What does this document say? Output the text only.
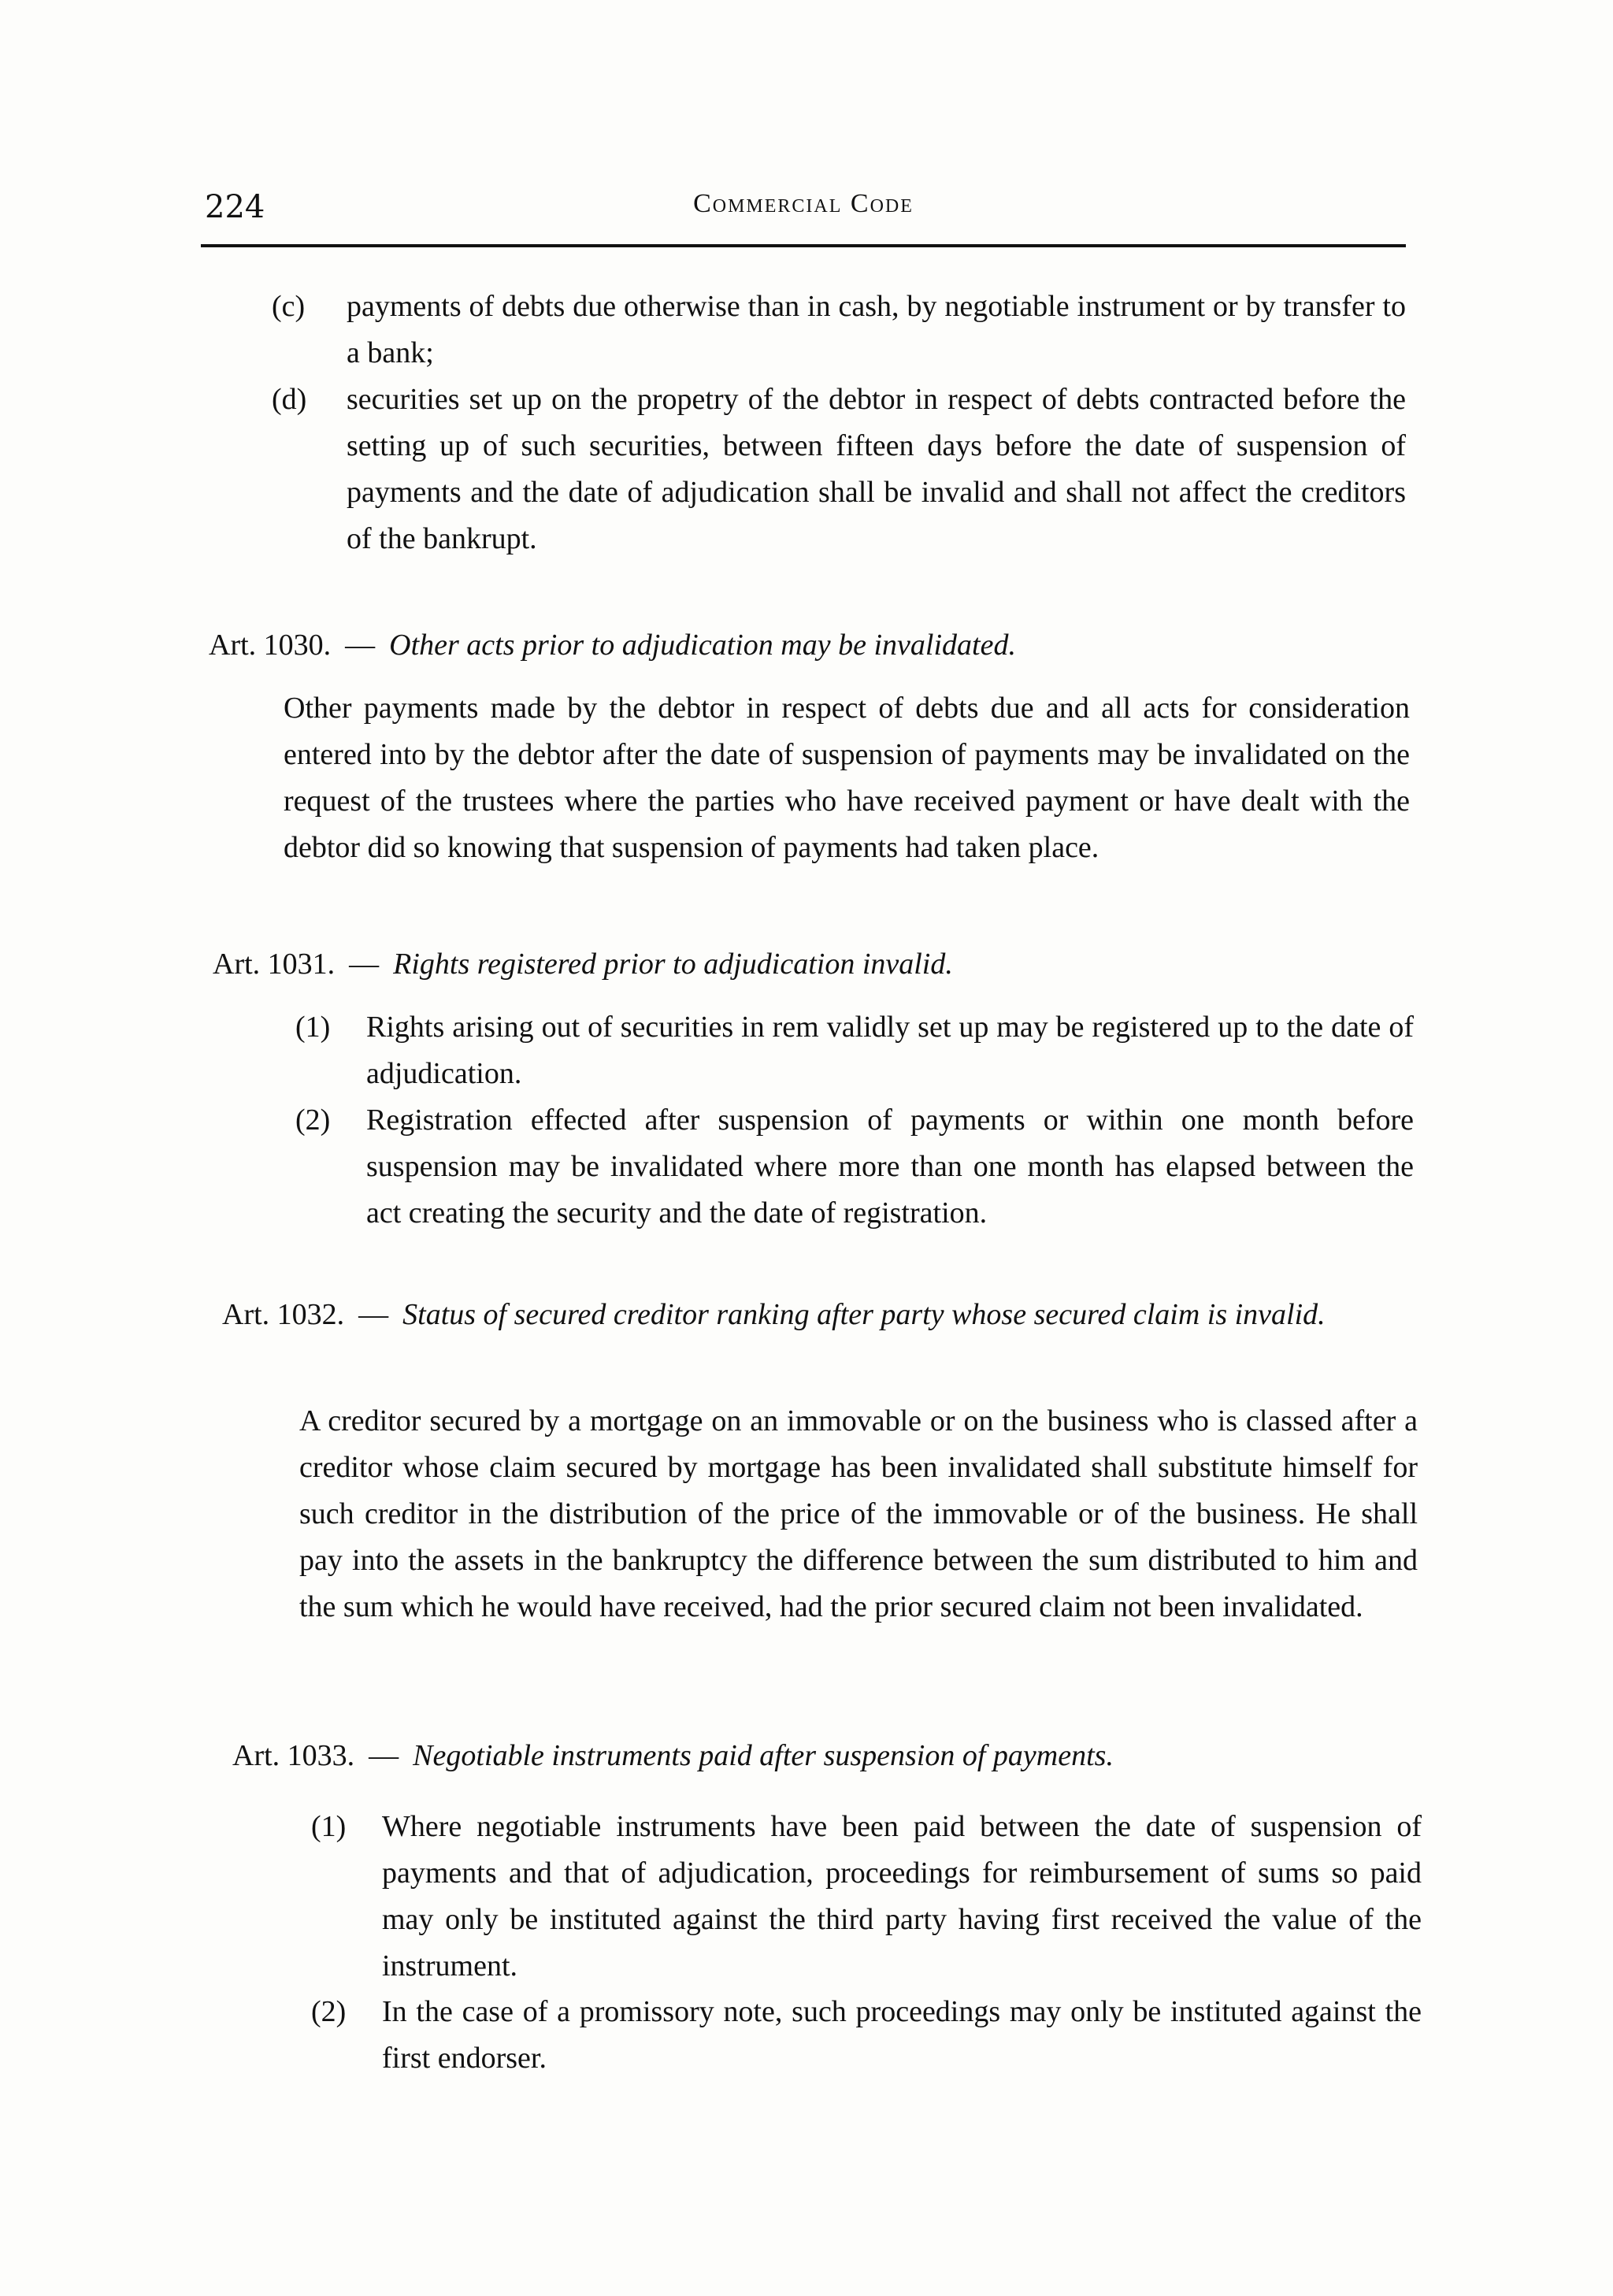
224	Commercial Code
(c)	payments of debts due otherwise than in cash, by negotiable instrument or by transfer to a bank;

(d)	securities set up on the propetry of the debtor in respect of debts contracted before the setting up of such securities, between fifteen days before the date of suspension of payments and the date of adjudication shall be invalid and shall not affect the creditors of the bankrupt.

Art. 1030. — Other acts prior to adjudication may be invalidated.

Other payments made by the debtor in respect of debts due and all acts for consideration entered into by the debtor after the date of suspension of payments may be invalidated on the request of the trustees where the parties who have received payment or have dealt with the debtor did so knowing that suspension of payments had taken place.

Art. 1031. — Rights registered prior to adjudication invalid.
(1)	Rights arising out of securities in rem validly set up may be registered up to the date of adjudication.

(2)	Registration effected after suspension of payments or within one month before suspension may be invalidated where more than one month has elapsed between the act creating the security and the date of registration.

Art. 1032. — Status of secured creditor ranking after party whose secured claim is invalid.

A creditor secured by a mortgage on an immovable or on the business who is classed after a creditor whose claim secured by mortgage has been invalidated shall substitute himself for such creditor in the distribution of the price of the immovable or of the business. He shall pay into the assets in the bankruptcy the difference between the sum distributed to him and the sum which he would have received, had the prior secured claim not been invalidated.

Art. 1033. — Negotiable instruments paid after suspension of payments.
(1)	Where negotiable instruments have been paid between the date of suspension of payments and that of adjudication, proceedings for reimbursement of sums so paid may only be instituted against the third party having first received the value of the instrument.

(2)	In the case of a promissory note, such proceedings may only be instituted against the first endorser.
